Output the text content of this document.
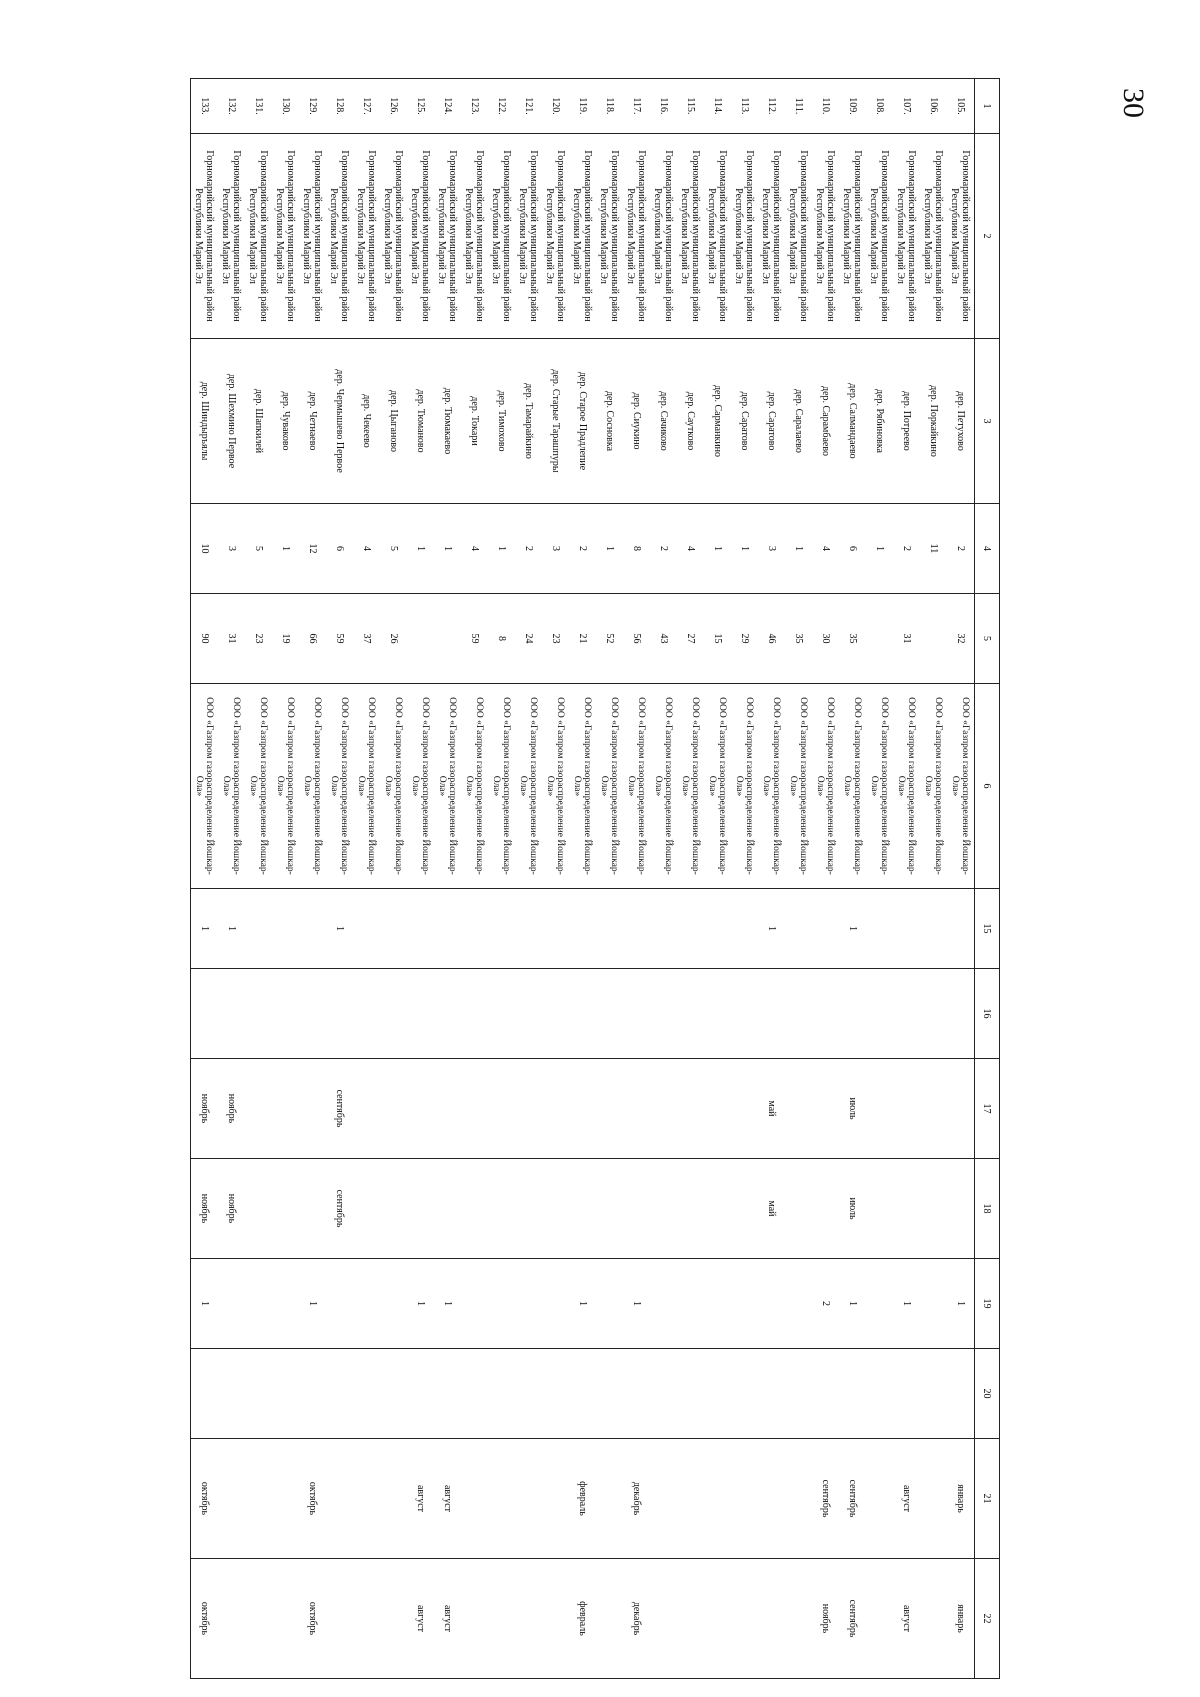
30
1	2	3	4	5	6	15	16	17	18	19	20	21	22
105.	Горномарийский муниципальный район Республики Марий Эл	дер. Петухово	2	32	ООО «Газпром газораспределение Йошкар-Ола»					1		январь	январь
106.	Горномарийский муниципальный район Республики Марий Эл	дер. Поркайкино	11		ООО «Газпром газораспределение Йошкар-Ола»								
107.	Горномарийский муниципальный район Республики Марий Эл	дер. Потреево	2	31	ООО «Газпром газораспределение Йошкар-Ола»					1		август	август
108.	Горномарийский муниципальный район Республики Марий Эл	дер. Рябиновка	1		ООО «Газпром газораспределение Йошкар-Ола»								
109.	Горномарийский муниципальный район Республики Марий Эл	дер. Салмандаево	6	35	ООО «Газпром газораспределение Йошкар-Ола»	1		июль	июль	1		сентябрь	сентябрь
110.	Горномарийский муниципальный район Республики Марий Эл	дер. Сарамбаево	4	30	ООО «Газпром газораспределение Йошкар-Ола»					2		сентябрь	ноябрь
111.	Горномарийский муниципальный район Республики Марий Эл	дер. Саралаево	1	35	ООО «Газпром газораспределение Йошкар-Ола»								
112.	Горномарийский муниципальный район Республики Марий Эл	дер. Саратово	3	46	ООО «Газпром газораспределение Йошкар-Ола»	1		май	май				
113.	Горномарийский муниципальный район Республики Марий Эл	дер. Саратово	1	29	ООО «Газпром газораспределение Йошкар-Ола»								
114.	Горномарийский муниципальный район Республики Марий Эл	дер. Сарманкино	1	15	ООО «Газпром газораспределение Йошкар-Ола»								
115.	Горномарийский муниципальный район Республики Марий Эл	дер. Саутково	4	27	ООО «Газпром газораспределение Йошкар-Ола»								
116.	Горномарийский муниципальный район Республики Марий Эл	дер. Сачиково	2	43	ООО «Газпром газораспределение Йошкар-Ола»								
117.	Горномарийский муниципальный район Республики Марий Эл	дер. Сиукино	8	56	ООО «Газпром газораспределение Йошкар-Ола»					1		декабрь	декабрь
118.	Горномарийский муниципальный район Республики Марий Эл	дер. Сосновка	1	52	ООО «Газпром газораспределение Йошкар-Ола»								
119.	Горномарийский муниципальный район Республики Марий Эл	дер. Старое Прадлепие	2	21	ООО «Газпром газораспределение Йошкар-Ола»					1		февраль	февраль
120.	Горномарийский муниципальный район Республики Марий Эл	дер. Старые Тарашпуры	3	23	ООО «Газпром газораспределение Йошкар-Ола»								
121.	Горномарийский муниципальный район Республики Марий Эл	дер. Тамарайкино	2	24	ООО «Газпром газораспределение Йошкар-Ола»								
122.	Горномарийский муниципальный район Республики Марий Эл	дер. Тимохово	1	8	ООО «Газпром газораспределение Йошкар-Ола»								
123.	Горномарийский муниципальный район Республики Марий Эл	дер. Токари	4	59	ООО «Газпром газораспределение Йошкар-Ола»								
124.	Горномарийский муниципальный район Республики Марий Эл	дер. Тюмакаево	1		ООО «Газпром газораспределение Йошкар-Ола»					1		август	август
125.	Горномарийский муниципальный район Республики Марий Эл	дер. Тюманово	1		ООО «Газпром газораспределение Йошкар-Ола»					1		август	август
126.	Горномарийский муниципальный район Республики Марий Эл	дер. Цыганово	5	26	ООО «Газпром газораспределение Йошкар-Ола»								
127.	Горномарийский муниципальный район Республики Марий Эл	дер. Чекеево	4	37	ООО «Газпром газораспределение Йошкар-Ола»								
128.	Горномарийский муниципальный район Республики Марий Эл	дер. Чермышево Первое	6	59	ООО «Газпром газораспределение Йошкар-Ола»	1		сентябрь	сентябрь				
129.	Горномарийский муниципальный район Республики Марий Эл	дер. Четнаево	12	66	ООО «Газпром газораспределение Йошкар-Ола»					1		октябрь	октябрь
130.	Горномарийский муниципальный район Республики Марий Эл	дер. Чуваково	1	19	ООО «Газпром газораспределение Йошкар-Ола»								
131.	Горномарийский муниципальный район Республики Марий Эл	дер. Шапкилей	5	23	ООО «Газпром газораспределение Йошкар-Ола»								
132.	Горномарийский муниципальный район Республики Марий Эл	дер. Шехмино Первое	3	31	ООО «Газпром газораспределение Йошкар-Ола»	1		ноябрь	ноябрь				
133.	Горномарийский муниципальный район Республики Марий Эл	дер. Шиндыръялы	10	90	ООО «Газпром газораспределение Йошкар-Ола»	1		ноябрь	ноябрь	1		октябрь	октябрь
